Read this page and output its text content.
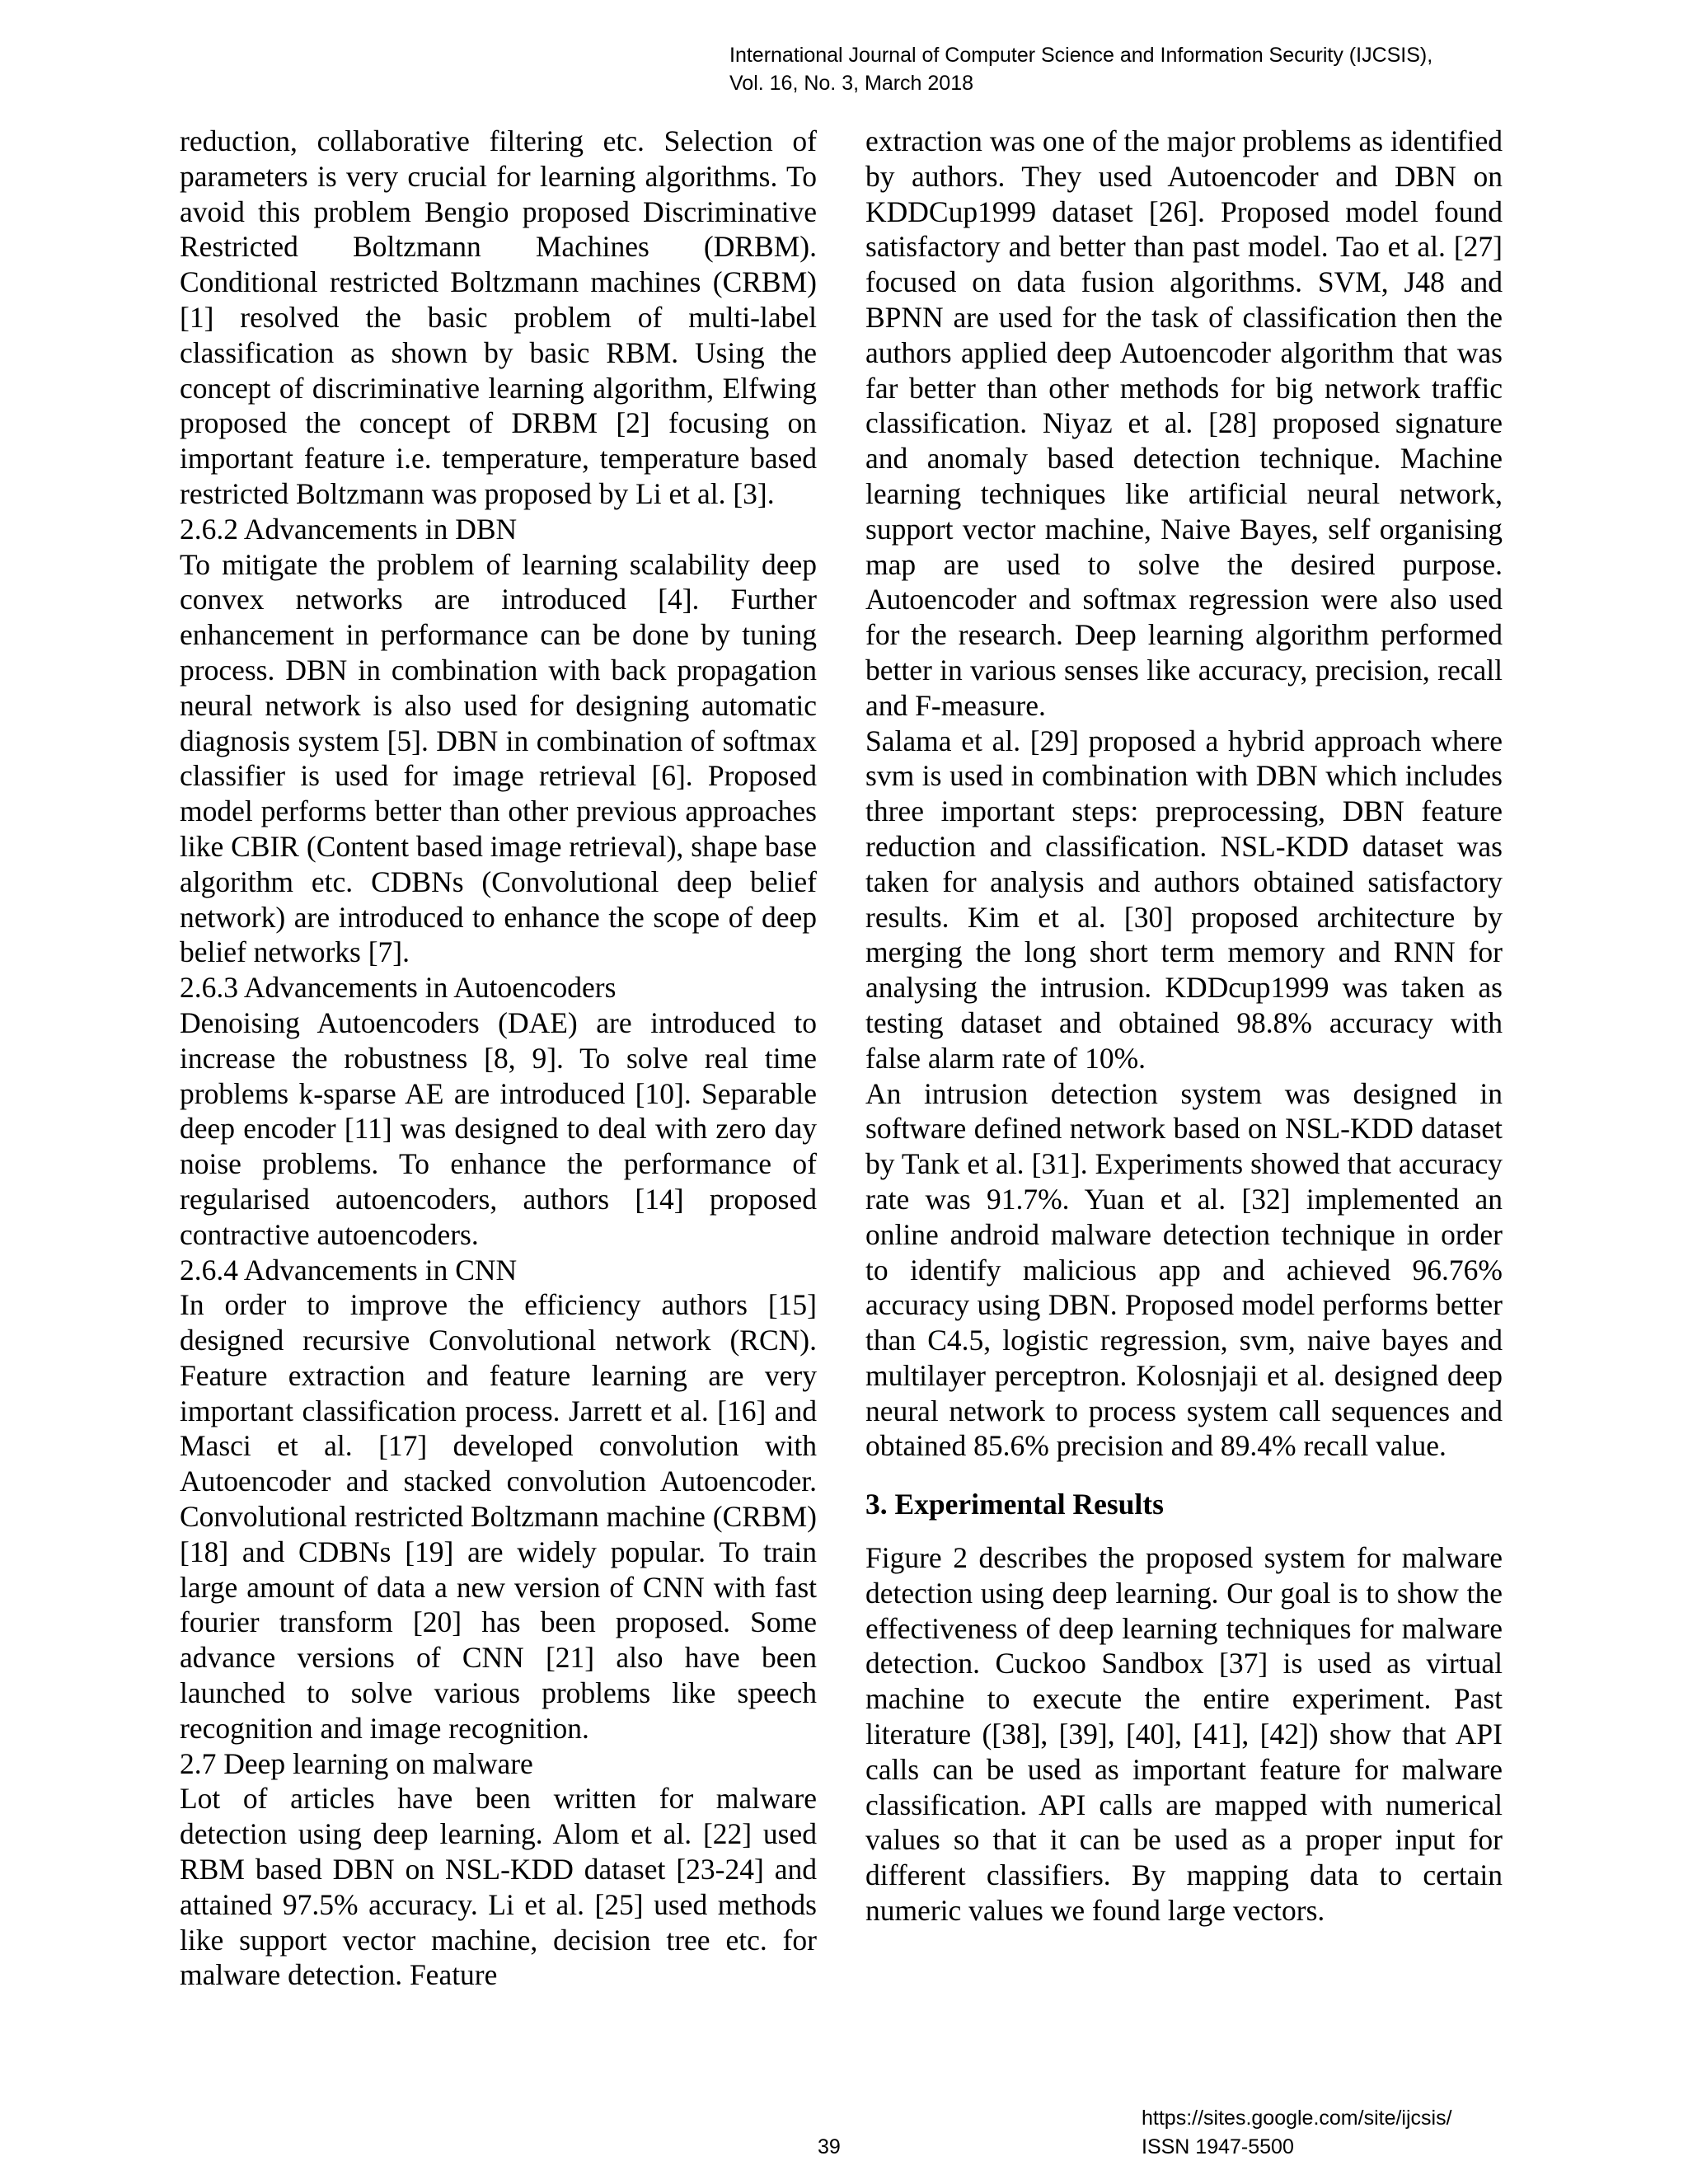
International Journal of Computer Science and Information Security (IJCSIS),
Vol. 16, No. 3, March 2018

reduction, collaborative filtering etc. Selection of parameters is very crucial for learning algorithms. To avoid this problem Bengio proposed Discriminative Restricted Boltzmann Machines (DRBM). Conditional restricted Boltzmann machines (CRBM) [1] resolved the basic problem of multi-label classification as shown by basic RBM. Using the concept of discriminative learning algorithm, Elfwing proposed the concept of DRBM [2] focusing on important feature i.e. temperature, temperature based restricted Boltzmann was proposed by Li et al. [3].

2.6.2 Advancements in DBN

To mitigate the problem of learning scalability deep convex networks are introduced [4]. Further enhancement in performance can be done by tuning process. DBN in combination with back propagation neural network is also used for designing automatic diagnosis system [5]. DBN in combination of softmax classifier is used for image retrieval [6]. Proposed model performs better than other previous approaches like CBIR (Content based image retrieval), shape base algorithm etc. CDBNs (Convolutional deep belief network) are introduced to enhance the scope of deep belief networks [7].

2.6.3 Advancements in Autoencoders

Denoising Autoencoders (DAE) are introduced to increase the robustness [8, 9]. To solve real time problems k-sparse AE are introduced [10]. Separable deep encoder [11] was designed to deal with zero day noise problems. To enhance the performance of regularised autoencoders, authors [14] proposed contractive autoencoders.

2.6.4 Advancements in CNN

In order to improve the efficiency authors [15] designed recursive Convolutional network (RCN). Feature extraction and feature learning are very important classification process. Jarrett et al. [16] and Masci et al. [17] developed convolution with Autoencoder and stacked convolution Autoencoder. Convolutional restricted Boltzmann machine (CRBM) [18] and CDBNs [19] are widely popular. To train large amount of data a new version of CNN with fast fourier transform [20] has been proposed. Some advance versions of CNN [21] also have been launched to solve various problems like speech recognition and image recognition.

2.7 Deep learning on malware

Lot of articles have been written for malware detection using deep learning. Alom et al. [22] used RBM based DBN on NSL-KDD dataset [23-24] and attained 97.5% accuracy. Li et al. [25] used methods like support vector machine, decision tree etc. for malware detection. Feature

extraction was one of the major problems as identified by authors. They used Autoencoder and DBN on KDDCup1999 dataset [26]. Proposed model found satisfactory and better than past model. Tao et al. [27] focused on data fusion algorithms. SVM, J48 and BPNN are used for the task of classification then the authors applied deep Autoencoder algorithm that was far better than other methods for big network traffic classification. Niyaz et al. [28] proposed signature and anomaly based detection technique. Machine learning techniques like artificial neural network, support vector machine, Naive Bayes, self organising map are used to solve the desired purpose. Autoencoder and softmax regression were also used for the research. Deep learning algorithm performed better in various senses like accuracy, precision, recall and F-measure.

Salama et al. [29] proposed a hybrid approach where svm is used in combination with DBN which includes three important steps: preprocessing, DBN feature reduction and classification. NSL-KDD dataset was taken for analysis and authors obtained satisfactory results. Kim et al. [30] proposed architecture by merging the long short term memory and RNN for analysing the intrusion. KDDcup1999 was taken as testing dataset and obtained 98.8% accuracy with false alarm rate of 10%.

An intrusion detection system was designed in software defined network based on NSL-KDD dataset by Tank et al. [31]. Experiments showed that accuracy rate was 91.7%. Yuan et al. [32] implemented an online android malware detection technique in order to identify malicious app and achieved 96.76% accuracy using DBN. Proposed model performs better than C4.5, logistic regression, svm, naive bayes and multilayer perceptron. Kolosnjaji et al. designed deep neural network to process system call sequences and obtained 85.6% precision and 89.4% recall value.

3. Experimental Results

Figure 2 describes the proposed system for malware detection using deep learning. Our goal is to show the effectiveness of deep learning techniques for malware detection. Cuckoo Sandbox [37] is used as virtual machine to execute the entire experiment. Past literature ([38], [39], [40], [41], [42]) show that API calls can be used as important feature for malware classification. API calls are mapped with numerical values so that it can be used as a proper input for different classifiers. By mapping data to certain numeric values we found large vectors.

https://sites.google.com/site/ijcsis/
39	ISSN 1947-5500
